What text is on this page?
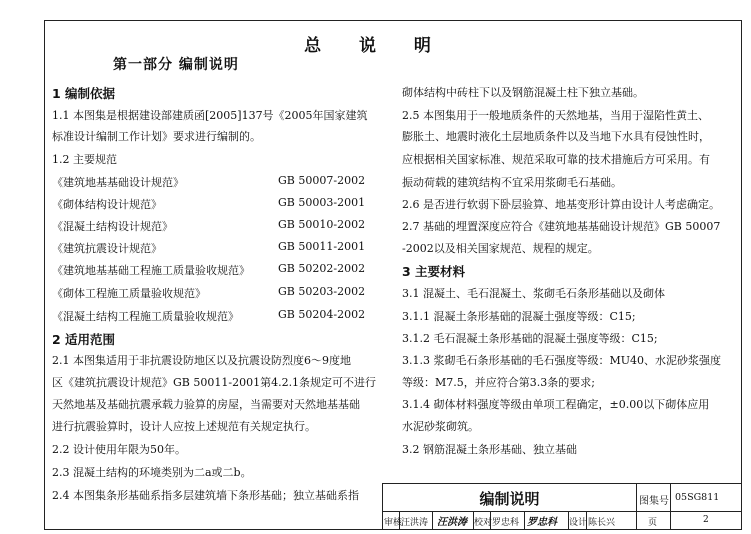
总 说 明
第一部分 编制说明
1 编制依据
1.1 本图集是根据建设部建质函[2005]137号《2005年国家建筑
标准设计编制工作计划》要求进行编制的。
1.2 主要规范
《建筑地基基础设计规范》	GB 50007-2002
《砌体结构设计规范》	GB 50003-2001
《混凝土结构设计规范》	GB 50010-2002
《建筑抗震设计规范》	GB 50011-2001
《建筑地基基础工程施工质量验收规范》	GB 50202-2002
《砌体工程施工质量验收规范》	GB 50203-2002
《混凝土结构工程施工质量验收规范》	GB 50204-2002
2 适用范围
2.1 本图集适用于非抗震设防地区以及抗震设防烈度6～9度地
区《建筑抗震设计规范》GB 50011-2001第4.2.1条规定可不进行
天然地基及基础抗震承载力验算的房屋，当需要对天然地基基础
进行抗震验算时，设计人应按上述规范有关规定执行。
2.2 设计使用年限为50年。
2.3 混凝土结构的环境类别为二a或二b。
2.4 本图集条形基础系指多层建筑墙下条形基础；独立基础系指
砌体结构中砖柱下以及钢筋混凝土柱下独立基础。
2.5 本图集用于一般地质条件的天然地基，当用于湿陷性黄土、
膨胀土、地震时液化土层地质条件以及当地下水具有侵蚀性时，
应根据相关国家标准、规范采取可靠的技术措施后方可采用。有
振动荷载的建筑结构不宜采用浆砌毛石基础。
2.6 是否进行软弱下卧层验算、地基变形计算由设计人考虑确定。
2.7 基础的埋置深度应符合《建筑地基基础设计规范》GB 50007
-2002以及相关国家规范、规程的规定。
3 主要材料
3.1 混凝土、毛石混凝土、浆砌毛石条形基础以及砌体
3.1.1 混凝土条形基础的混凝土强度等级：C15;
3.1.2 毛石混凝土条形基础的混凝土强度等级：C15;
3.1.3 浆砌毛石条形基础的毛石强度等级：MU40、水泥砂浆强度
等级：M7.5，并应符合第3.3条的要求;
3.1.4 砌体材料强度等级由单项工程确定，±0.00以下砌体应用
水泥砂浆砌筑。
3.2 钢筋混凝土条形基础、独立基础
编制说明	图集号 05SG811
审核
汪洪涛 汪洪涛 校对 罗忠科 罗忠科 设计 陈长兴	页	2
